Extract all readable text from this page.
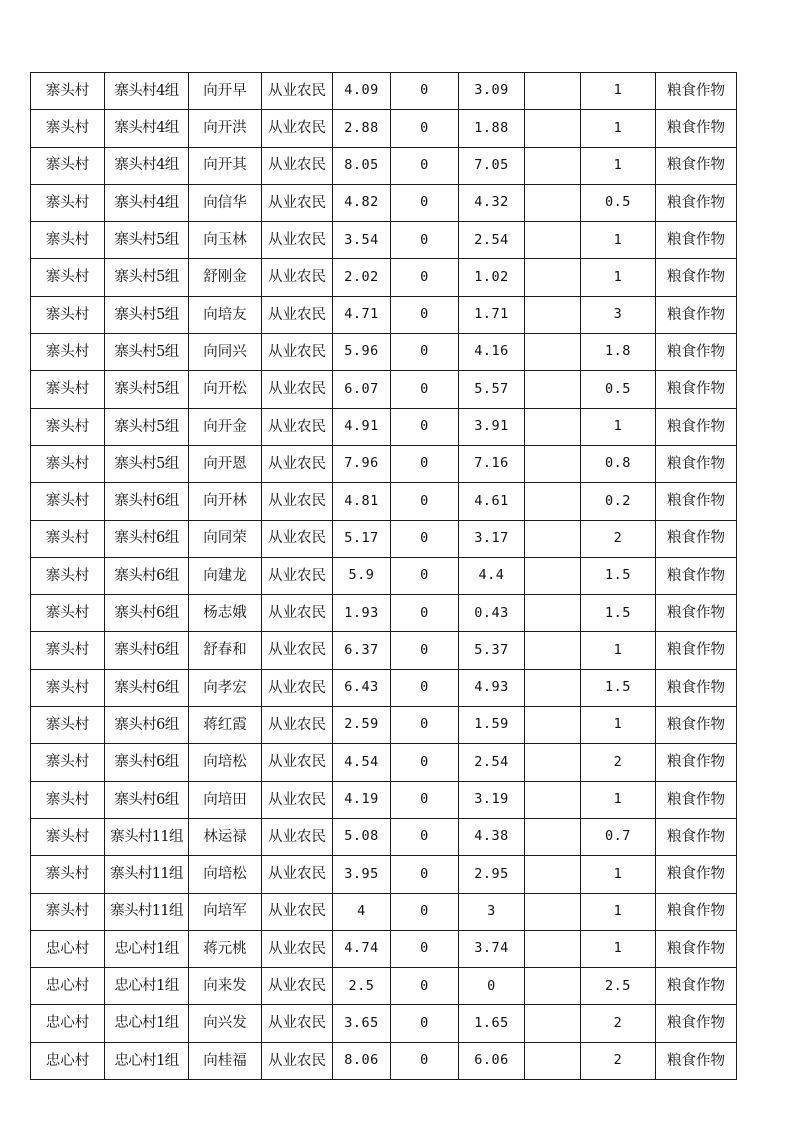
寨头村	寨头村4组	向开早	从业农民	4.09	0	3.09		1	粮食作物
寨头村	寨头村4组	向开洪	从业农民	2.88	0	1.88		1	粮食作物
寨头村	寨头村4组	向开其	从业农民	8.05	0	7.05		1	粮食作物
寨头村	寨头村4组	向信华	从业农民	4.82	0	4.32		0.5	粮食作物
寨头村	寨头村5组	向玉林	从业农民	3.54	0	2.54		1	粮食作物
寨头村	寨头村5组	舒刚金	从业农民	2.02	0	1.02		1	粮食作物
寨头村	寨头村5组	向培友	从业农民	4.71	0	1.71		3	粮食作物
寨头村	寨头村5组	向同兴	从业农民	5.96	0	4.16		1.8	粮食作物
寨头村	寨头村5组	向开松	从业农民	6.07	0	5.57		0.5	粮食作物
寨头村	寨头村5组	向开金	从业农民	4.91	0	3.91		1	粮食作物
寨头村	寨头村5组	向开恩	从业农民	7.96	0	7.16		0.8	粮食作物
寨头村	寨头村6组	向开林	从业农民	4.81	0	4.61		0.2	粮食作物
寨头村	寨头村6组	向同荣	从业农民	5.17	0	3.17		2	粮食作物
寨头村	寨头村6组	向建龙	从业农民	5.9	0	4.4		1.5	粮食作物
寨头村	寨头村6组	杨志娥	从业农民	1.93	0	0.43		1.5	粮食作物
寨头村	寨头村6组	舒春和	从业农民	6.37	0	5.37		1	粮食作物
寨头村	寨头村6组	向孝宏	从业农民	6.43	0	4.93		1.5	粮食作物
寨头村	寨头村6组	蒋红霞	从业农民	2.59	0	1.59		1	粮食作物
寨头村	寨头村6组	向培松	从业农民	4.54	0	2.54		2	粮食作物
寨头村	寨头村6组	向培田	从业农民	4.19	0	3.19		1	粮食作物
寨头村	寨头村11组	林运禄	从业农民	5.08	0	4.38		0.7	粮食作物
寨头村	寨头村11组	向培松	从业农民	3.95	0	2.95		1	粮食作物
寨头村	寨头村11组	向培军	从业农民	4	0	3		1	粮食作物
忠心村	忠心村1组	蒋元桃	从业农民	4.74	0	3.74		1	粮食作物
忠心村	忠心村1组	向来发	从业农民	2.5	0	0		2.5	粮食作物
忠心村	忠心村1组	向兴发	从业农民	3.65	0	1.65		2	粮食作物
忠心村	忠心村1组	向桂福	从业农民	8.06	0	6.06		2	粮食作物
